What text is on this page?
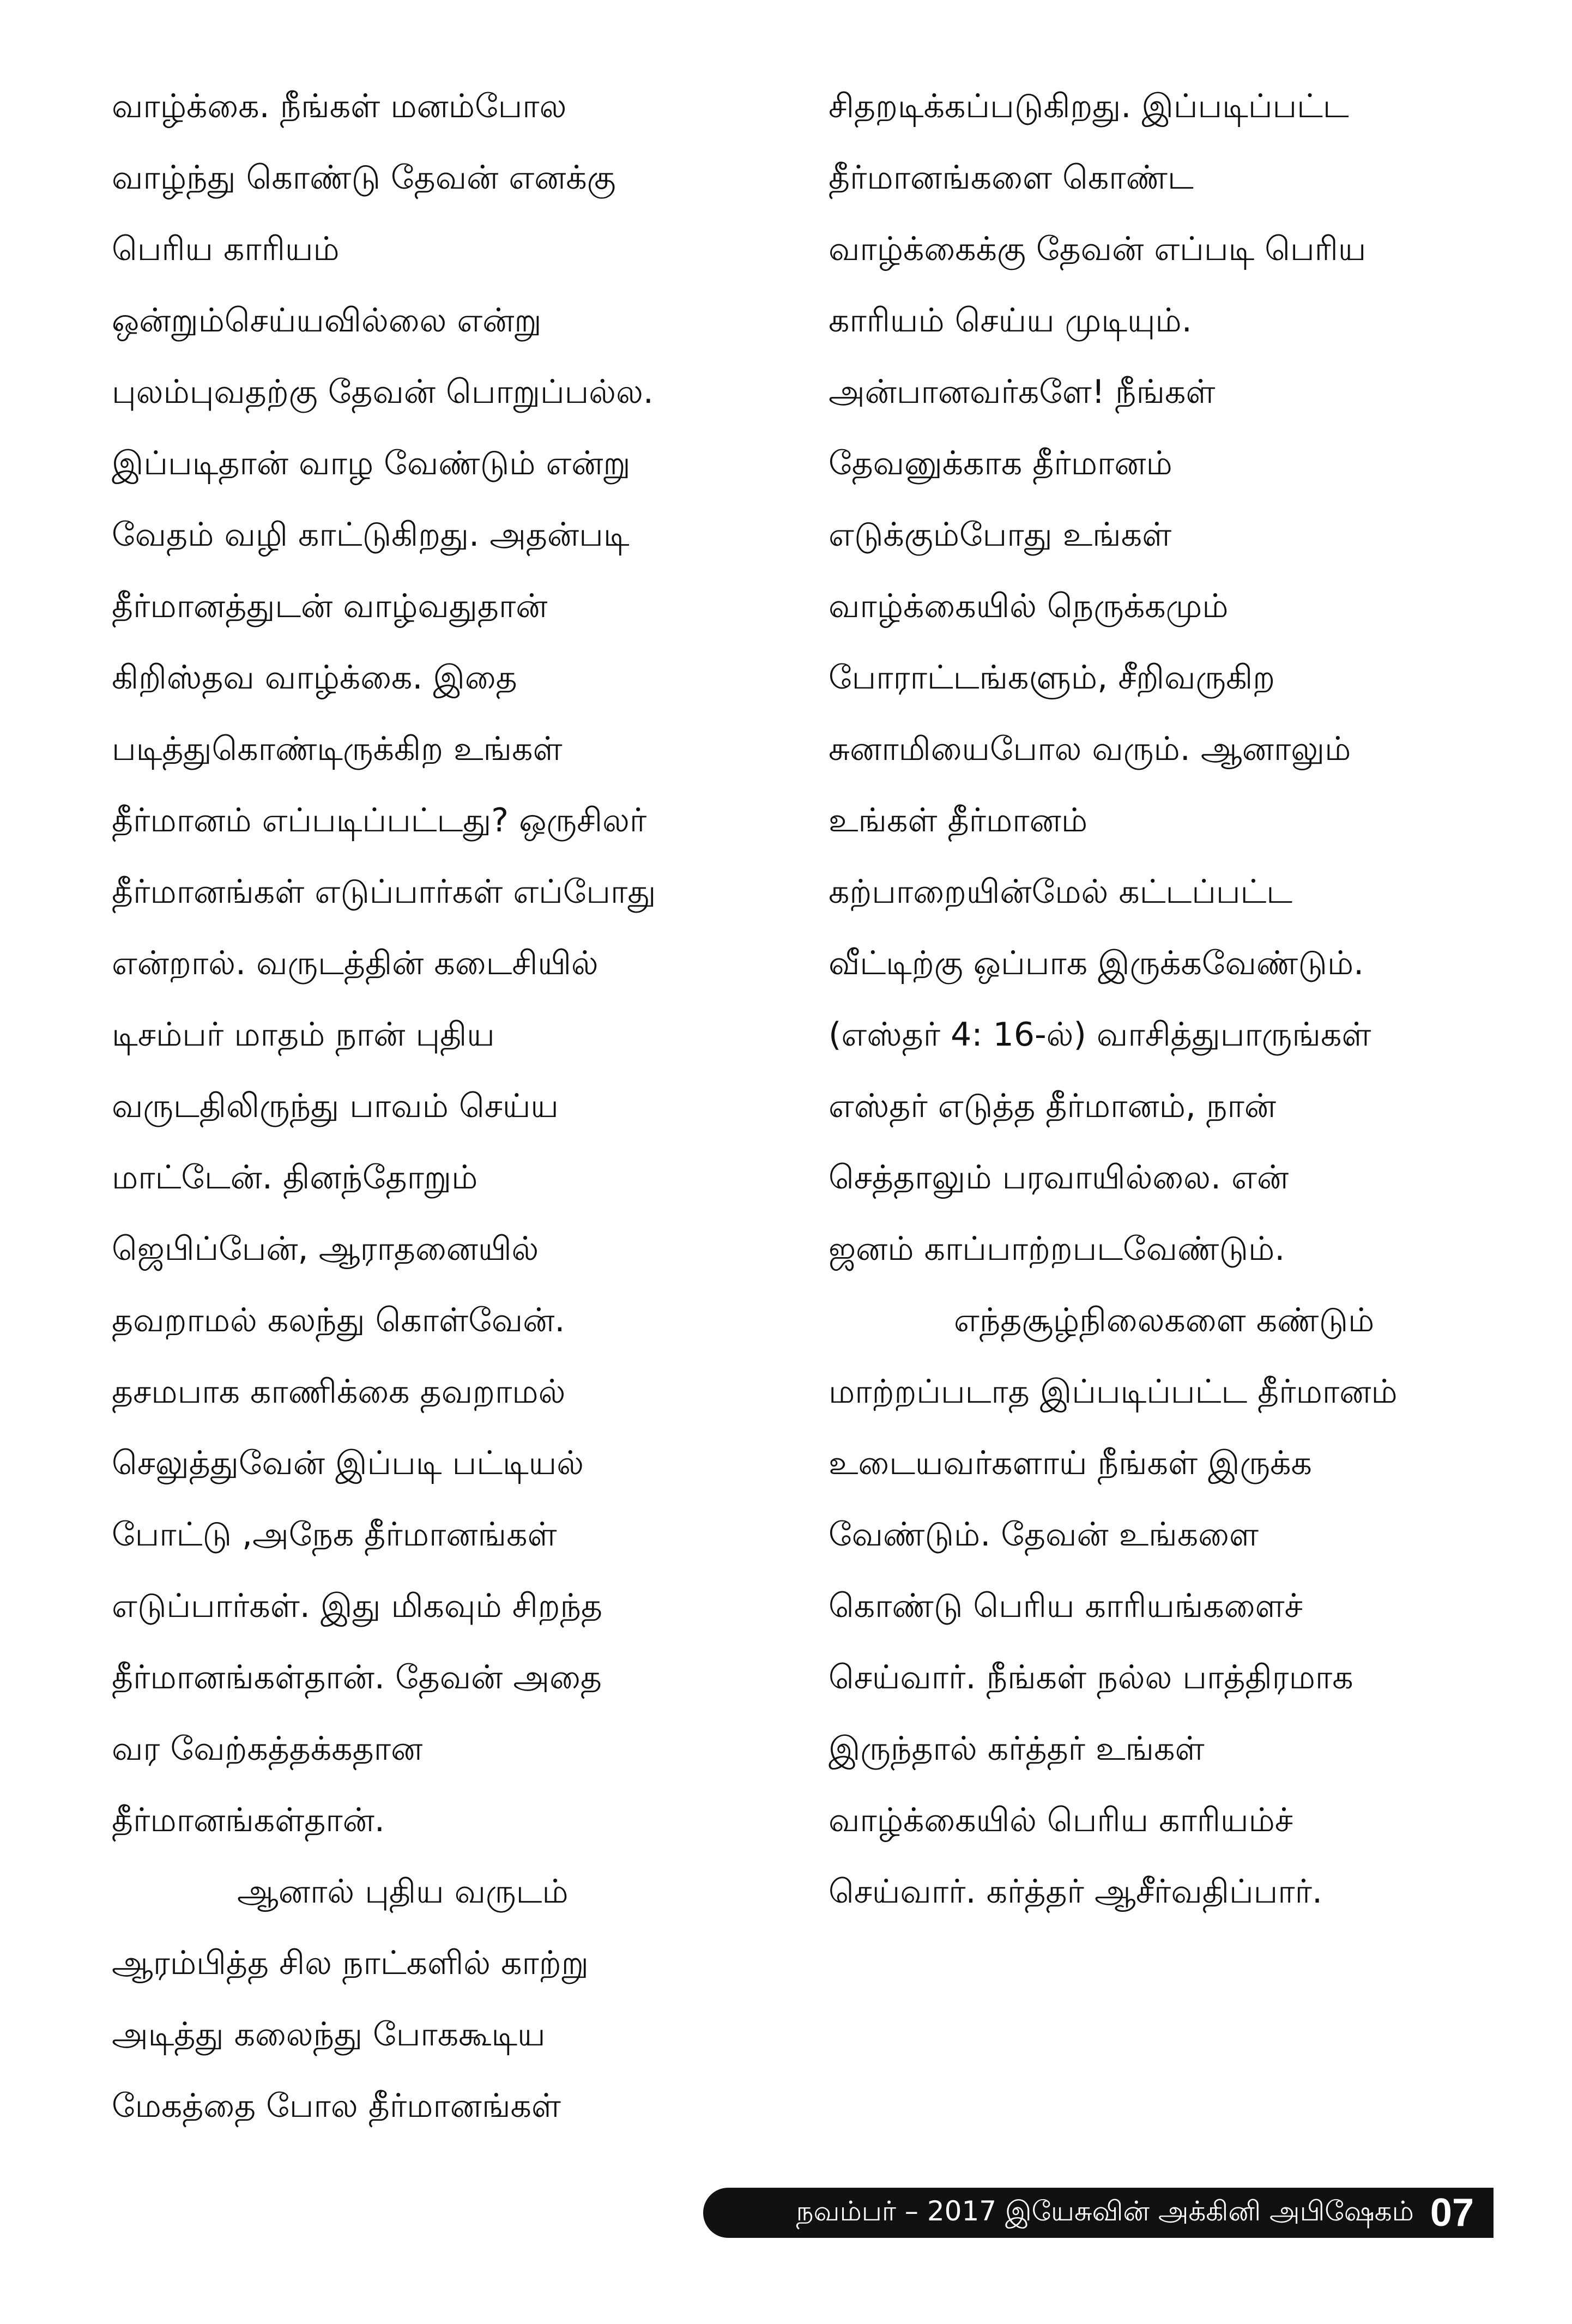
வாழ்க்கை. நீங்கள் மனம்போல
வாழ்ந்து கொண்டு தேவன் எனக்கு
பெரிய காரியம்
ஒன்றும்செய்யவில்லை என்று
புலம்புவதற்கு தேவன் பொறுப்பல்ல.
இப்படிதான் வாழ வேண்டும் என்று
வேதம் வழி காட்டுகிறது. அதன்படி
தீர்மானத்துடன் வாழ்வதுதான்
கிறிஸ்தவ வாழ்க்கை. இதை
படித்துகொண்டிருக்கிற உங்கள்
தீர்மானம் எப்படிப்பட்டது? ஒருசிலர்
தீர்மானங்கள் எடுப்பார்கள் எப்போது
என்றால். வருடத்தின் கடைசியில்
டிசம்பர் மாதம் நான் புதிய
வருடதிலிருந்து பாவம் செய்ய
மாட்டேன். தினந்தோறும்
ஜெபிப்பேன், ஆராதனையில்
தவறாமல் கலந்து கொள்வேன்.
தசமபாக காணிக்கை தவறாமல்
செலுத்துவேன் இப்படி பட்டியல்
போட்டு ,அநேக தீர்மானங்கள்
எடுப்பார்கள். இது மிகவும் சிறந்த
தீர்மானங்கள்தான். தேவன் அதை
வர வேற்கத்தக்கதான
தீர்மானங்கள்தான்.
ஆனால் புதிய வருடம்
ஆரம்பித்த சில நாட்களில் காற்று
அடித்து கலைந்து போககூடிய
மேகத்தை போல தீர்மானங்கள்
சிதறடிக்கப்படுகிறது. இப்படிப்பட்ட
தீர்மானங்களை கொண்ட
வாழ்க்கைக்கு தேவன் எப்படி பெரிய
காரியம் செய்ய முடியும்.
அன்பானவர்களே! நீங்கள்
தேவனுக்காக தீர்மானம்
எடுக்கும்போது உங்கள்
வாழ்க்கையில் நெருக்கமும்
போராட்டங்களும், சீறிவருகிற
சுனாமியைபோல வரும். ஆனாலும்
உங்கள் தீர்மானம்
கற்பாறையின்மேல் கட்டப்பட்ட
வீட்டிற்கு ஒப்பாக இருக்கவேண்டும்.
(எஸ்தர் 4: 16-ல்) வாசித்துபாருங்கள்
எஸ்தர் எடுத்த தீர்மானம், நான்
செத்தாலும் பரவாயில்லை. என்
ஜனம் காப்பாற்றபடவேண்டும்.
எந்தசூழ்நிலைகளை கண்டும்
மாற்றப்படாத இப்படிப்பட்ட தீர்மானம்
உடையவர்களாய் நீங்கள் இருக்க
வேண்டும். தேவன் உங்களை
கொண்டு பெரிய காரியங்களைச்
செய்வார். நீங்கள் நல்ல பாத்திரமாக
இருந்தால் கர்த்தர் உங்கள்
வாழ்க்கையில் பெரிய காரியம்ச்
செய்வார். கர்த்தர் ஆசீர்வதிப்பார்.
நவம்பர் – 2017 இயேசுவின் அக்கினி அபிஷேகம் 07
